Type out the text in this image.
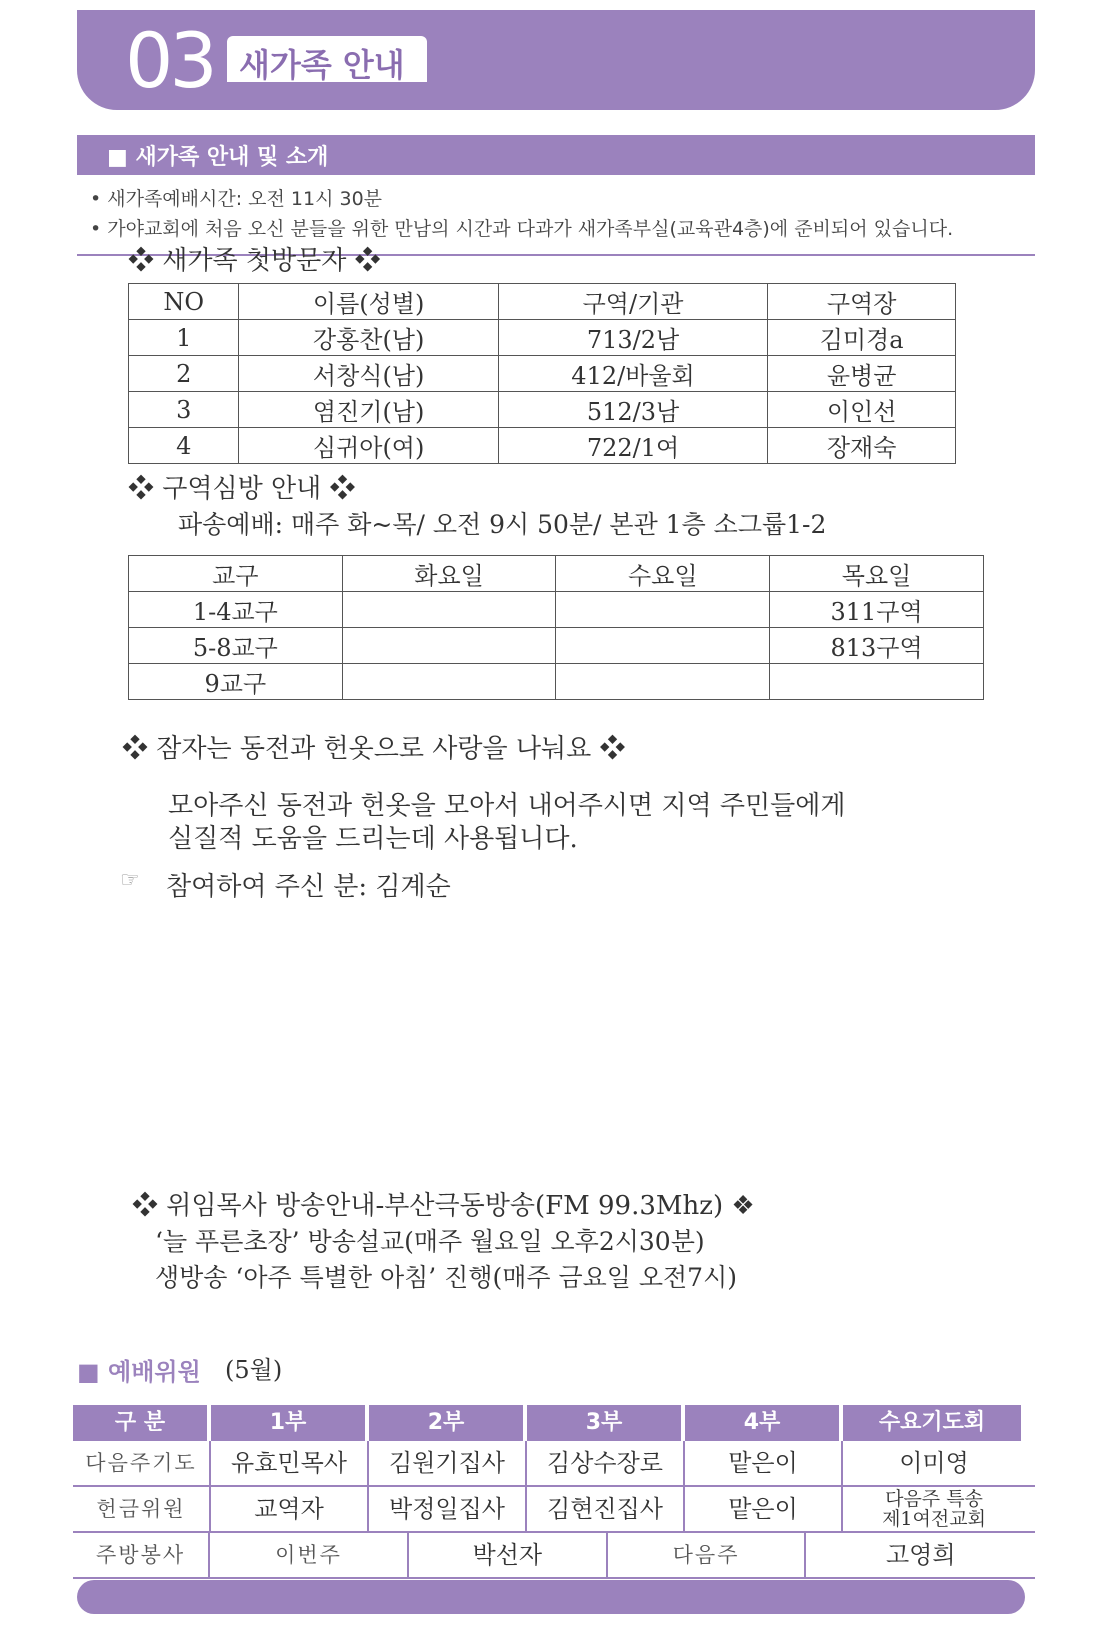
03 새가족 안내
■ 새가족 안내 및 소개
• 새가족예배시간: 오전 11시 30분
• 가야교회에 처음 오신 분들을 위한 만남의 시간과 다과가 새가족부실(교육관4층)에 준비되어 있습니다.
❖ 새가족 첫방문자 ❖
NO	이름(성별)	구역/기관	구역장
1	강홍찬(남)	713/2남	김미경a
2	서창식(남)	412/바울회	윤병균
3	염진기(남)	512/3남	이인선
4	심귀아(여)	722/1여	장재숙
❖ 구역심방 안내 ❖
파송예배: 매주 화~목/ 오전 9시 50분/ 본관 1층 소그룹1-2
교구	화요일	수요일	목요일
1-4교구			311구역
5-8교구			813구역
9교구			
❖ 잠자는 동전과 헌옷으로 사랑을 나눠요 ❖
모아주신 동전과 헌옷을 모아서 내어주시면 지역 주민들에게
실질적 도움을 드리는데 사용됩니다.
☞ 참여하여 주신 분: 김계순
❖ 위임목사 방송안내-부산극동방송(FM 99.3Mhz) ❖
‘늘 푸른초장’ 방송설교(매주 월요일 오후2시30분)
생방송 ‘아주 특별한 아침’ 진행(매주 금요일 오전7시)
■ 예배위원 (5월)
구 분	1부	2부	3부	4부	수요기도회
다음주기도	유효민목사	김원기집사	김상수장로	맡은이	이미영
헌금위원	교역자	박정일집사	김현진집사	맡은이	다음주 특송
제1여전교회
주방봉사	이번주	박선자	다음주	고영희
